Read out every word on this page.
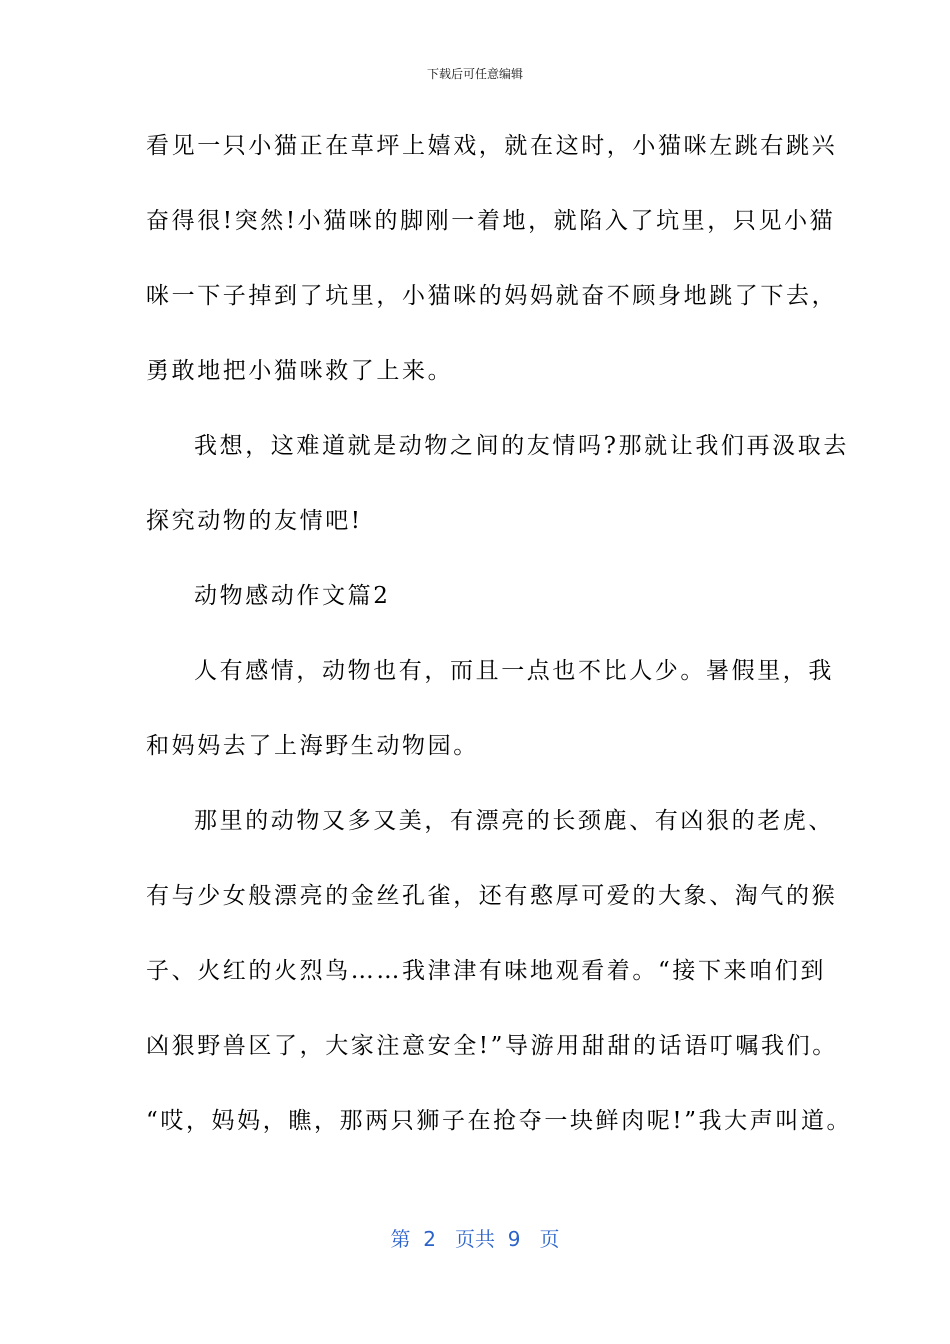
下载后可任意编辑
看见一只小猫正在草坪上嬉戏，就在这时，小猫咪左跳右跳兴
奋得很!突然!小猫咪的脚刚一着地，就陷入了坑里，只见小猫
咪一下子掉到了坑里，小猫咪的妈妈就奋不顾身地跳了下去，
勇敢地把小猫咪救了上来。
我想，这难道就是动物之间的友情吗?那就让我们再汲取去
探究动物的友情吧!
动物感动作文篇2
人有感情，动物也有，而且一点也不比人少。暑假里，我
和妈妈去了上海野生动物园。
那里的动物又多又美，有漂亮的长颈鹿、有凶狠的老虎、
有与少女般漂亮的金丝孔雀，还有憨厚可爱的大象、淘气的猴
子、火红的火烈鸟……我津津有味地观看着。“接下来咱们到
凶狠野兽区了，大家注意安全!”导游用甜甜的话语叮嘱我们。
“哎，妈妈，瞧，那两只狮子在抢夺一块鲜肉呢!”我大声叫道。
第  2   页共  9   页
